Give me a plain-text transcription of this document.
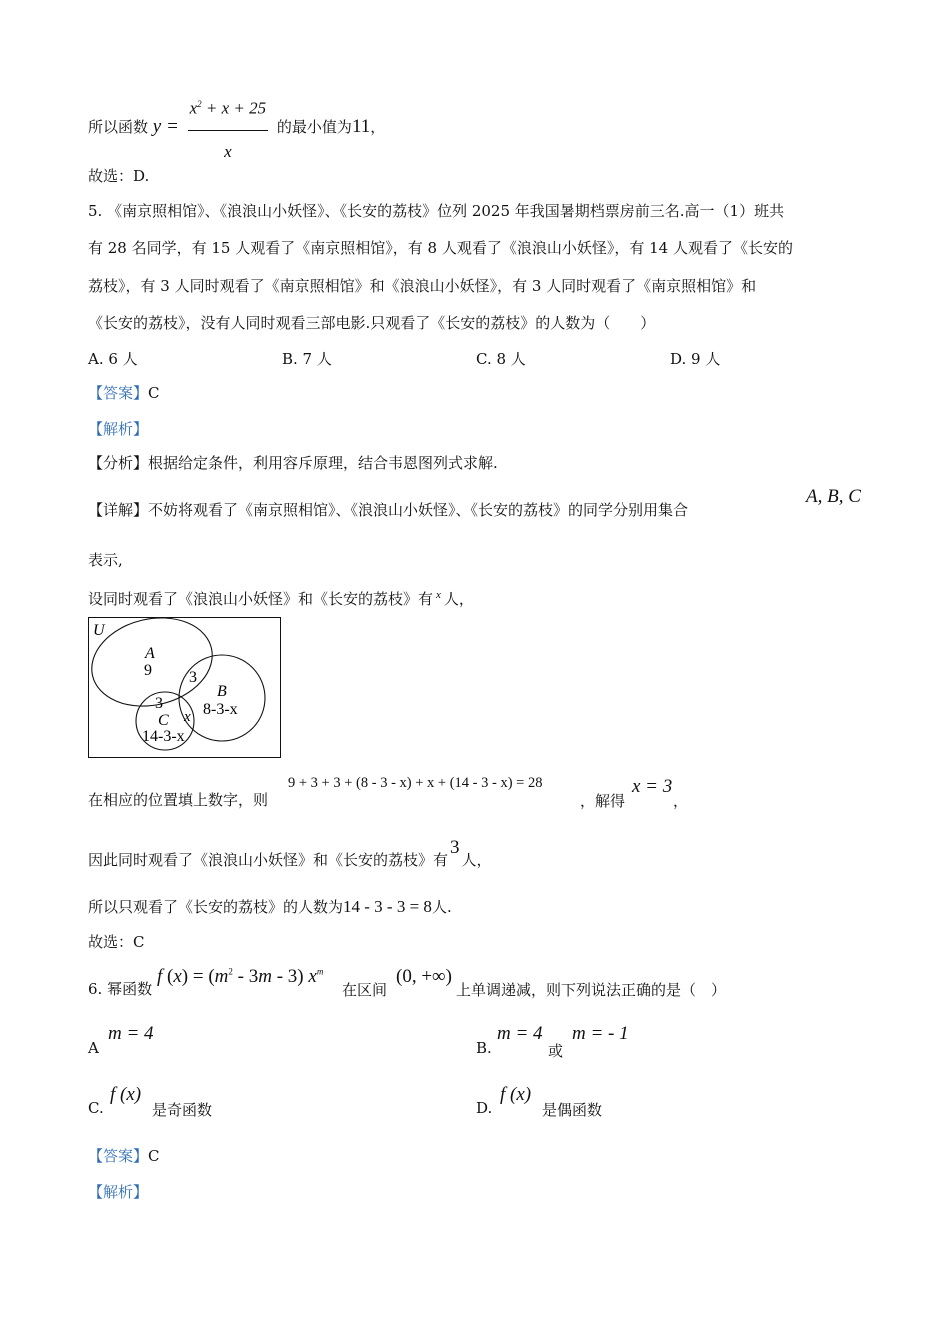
所以函数 $y = \frac{x^2 + x + 25}{x}$ 的最小值为11，
故选：D.
5. 《南京照相馆》、《浪浪山小妖怪》、《长安的荔枝》位列 2025 年我国暑期档票房前三名.高一（1）班共
有 28 名同学，有 15 人观看了《南京照相馆》，有 8 人观看了《浪浪山小妖怪》，有 14 人观看了《长安的
荔枝》，有 3 人同时观看了《南京照相馆》和《浪浪山小妖怪》，有 3 人同时观看了《南京照相馆》和
《长安的荔枝》，没有人同时观看三部电影.只观看了《长安的荔枝》的人数为（　　）
A. 6 人	B. 7 人	C. 8 人	D. 9 人
【答案】C
【解析】
【分析】根据给定条件，利用容斥原理，结合韦恩图列式求解.
【详解】不妨将观看了《南京照相馆》、《浪浪山小妖怪》、《长安的荔枝》的同学分别用集合
A, B, C
表示,
设同时观看了《浪浪山小妖怪》和《长安的荔枝》有 $^x$ 人，
U
A
9 3
3
B
8-3-x
x
C
14-3-x
在相应的位置填上数字，则
9 + 3 + 3 + (8 - 3 - x) + x + (14 - 3 - x) = 28
，解得
x = 3
，
因此同时观看了《浪浪山小妖怪》和《长安的荔枝》有3人，
所以只观看了《长安的荔枝》的人数为14 - 3 - 3 = 8人.
故选：C
6. 幂函数
f $(x) = (m^2 - 3m - 3)$ $x^m$
在区间
(0, +∞)
上单调递减，则下列说法正确的是（　）
A
m = 4
B.
m = 4
或
m = - 1
C.
f (x)
是奇函数	D.
f (x)
是偶函数
【答案】C
【解析】
